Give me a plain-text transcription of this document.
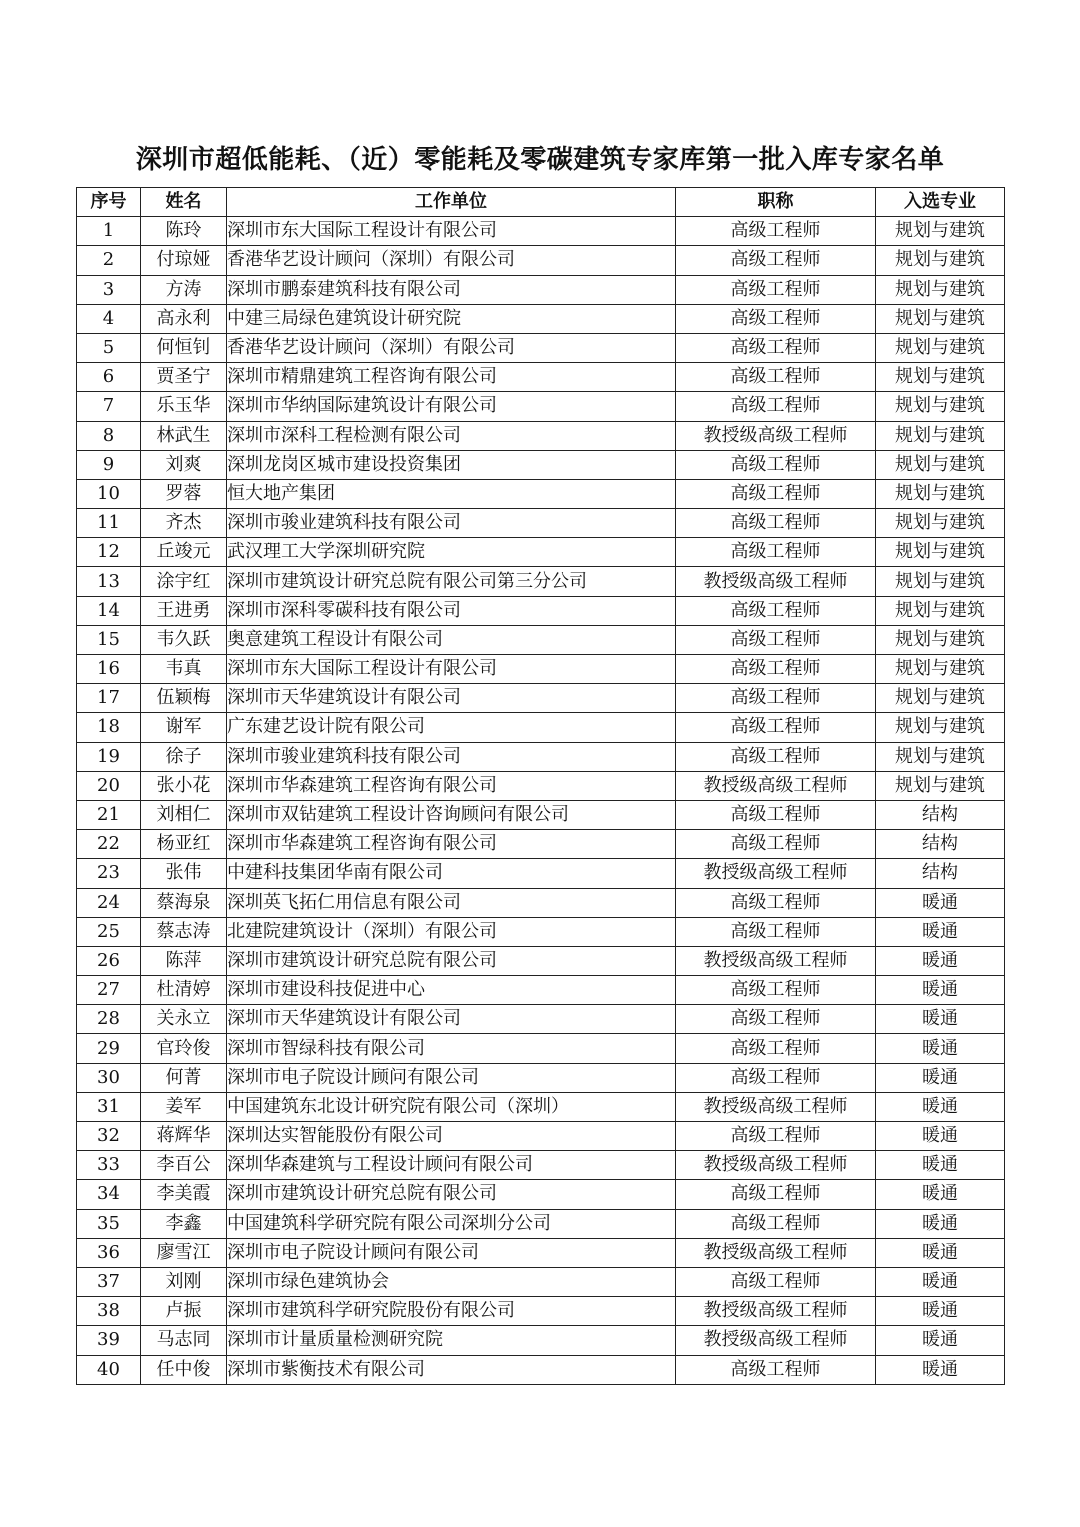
深圳市超低能耗、（近）零能耗及零碳建筑专家库第一批入库专家名单
序号	姓名	工作单位	职称	入选专业
1	陈玲	深圳市东大国际工程设计有限公司	高级工程师	规划与建筑
2	付琼娅	香港华艺设计顾问（深圳）有限公司	高级工程师	规划与建筑
3	方涛	深圳市鹏泰建筑科技有限公司	高级工程师	规划与建筑
4	高永利	中建三局绿色建筑设计研究院	高级工程师	规划与建筑
5	何恒钊	香港华艺设计顾问（深圳）有限公司	高级工程师	规划与建筑
6	贾圣宁	深圳市精鼎建筑工程咨询有限公司	高级工程师	规划与建筑
7	乐玉华	深圳市华纳国际建筑设计有限公司	高级工程师	规划与建筑
8	林武生	深圳市深科工程检测有限公司	教授级高级工程师	规划与建筑
9	刘爽	深圳龙岗区城市建设投资集团	高级工程师	规划与建筑
10	罗蓉	恒大地产集团	高级工程师	规划与建筑
11	齐杰	深圳市骏业建筑科技有限公司	高级工程师	规划与建筑
12	丘竣元	武汉理工大学深圳研究院	高级工程师	规划与建筑
13	涂宇红	深圳市建筑设计研究总院有限公司第三分公司	教授级高级工程师	规划与建筑
14	王进勇	深圳市深科零碳科技有限公司	高级工程师	规划与建筑
15	韦久跃	奥意建筑工程设计有限公司	高级工程师	规划与建筑
16	韦真	深圳市东大国际工程设计有限公司	高级工程师	规划与建筑
17	伍颖梅	深圳市天华建筑设计有限公司	高级工程师	规划与建筑
18	谢军	广东建艺设计院有限公司	高级工程师	规划与建筑
19	徐子	深圳市骏业建筑科技有限公司	高级工程师	规划与建筑
20	张小花	深圳市华森建筑工程咨询有限公司	教授级高级工程师	规划与建筑
21	刘相仁	深圳市双钻建筑工程设计咨询顾问有限公司	高级工程师	结构
22	杨亚红	深圳市华森建筑工程咨询有限公司	高级工程师	结构
23	张伟	中建科技集团华南有限公司	教授级高级工程师	结构
24	蔡海泉	深圳英飞拓仁用信息有限公司	高级工程师	暖通
25	蔡志涛	北建院建筑设计（深圳）有限公司	高级工程师	暖通
26	陈萍	深圳市建筑设计研究总院有限公司	教授级高级工程师	暖通
27	杜清婷	深圳市建设科技促进中心	高级工程师	暖通
28	关永立	深圳市天华建筑设计有限公司	高级工程师	暖通
29	官玲俊	深圳市智绿科技有限公司	高级工程师	暖通
30	何菁	深圳市电子院设计顾问有限公司	高级工程师	暖通
31	姜军	中国建筑东北设计研究院有限公司（深圳）	教授级高级工程师	暖通
32	蒋辉华	深圳达实智能股份有限公司	高级工程师	暖通
33	李百公	深圳华森建筑与工程设计顾问有限公司	教授级高级工程师	暖通
34	李美霞	深圳市建筑设计研究总院有限公司	高级工程师	暖通
35	李鑫	中国建筑科学研究院有限公司深圳分公司	高级工程师	暖通
36	廖雪江	深圳市电子院设计顾问有限公司	教授级高级工程师	暖通
37	刘刚	深圳市绿色建筑协会	高级工程师	暖通
38	卢振	深圳市建筑科学研究院股份有限公司	教授级高级工程师	暖通
39	马志同	深圳市计量质量检测研究院	教授级高级工程师	暖通
40	任中俊	深圳市紫衡技术有限公司	高级工程师	暖通
